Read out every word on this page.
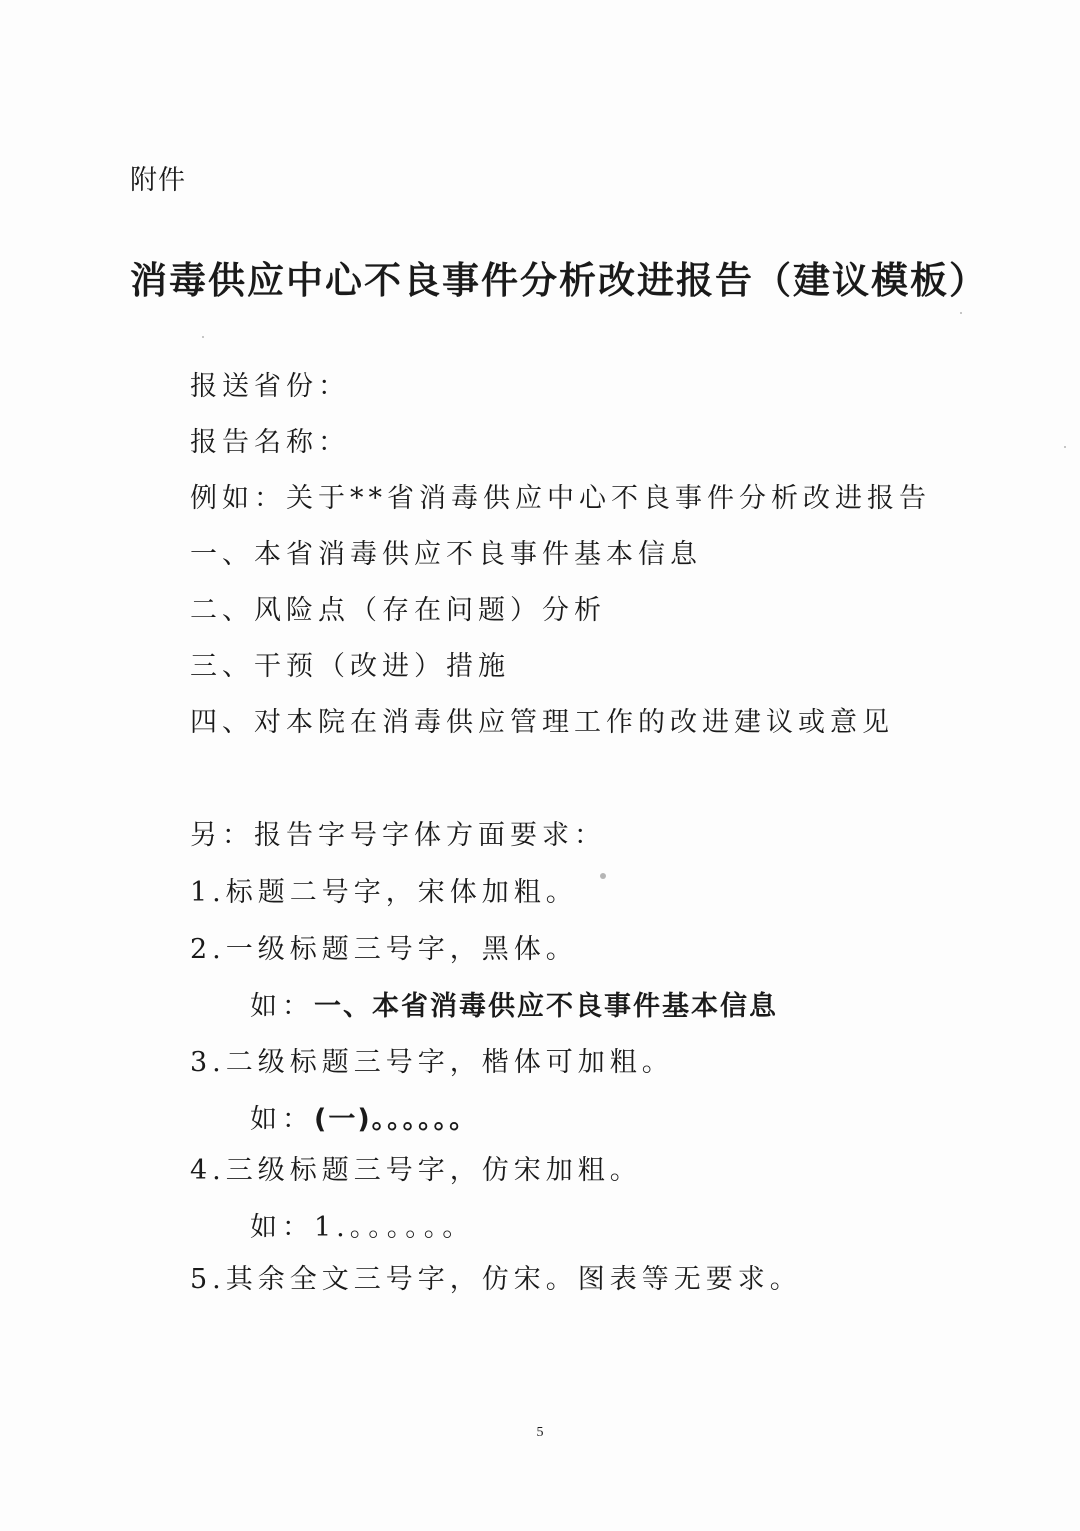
附件
消毒供应中心不良事件分析改进报告（建议模板）
报送省份：
报告名称：
例如：关于**省消毒供应中心不良事件分析改进报告
一、本省消毒供应不良事件基本信息
二、风险点（存在问题）分析
三、干预（改进）措施
四、对本院在消毒供应管理工作的改进建议或意见
另：报告字号字体方面要求：
1.标题二号字，宋体加粗。
2.一级标题三号字，黑体。
如：一、本省消毒供应不良事件基本信息
3.二级标题三号字，楷体可加粗。
如：(一)。。。。。。
4.三级标题三号字，仿宋加粗。
如：1.。。。。。。
5.其余全文三号字，仿宋。图表等无要求。
5
